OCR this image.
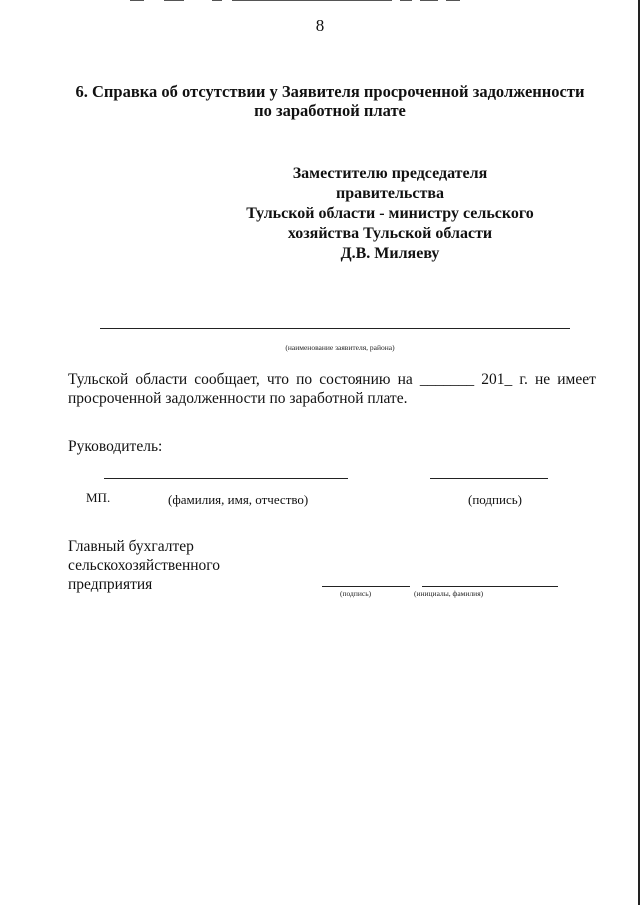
8
6. Справка об отсутствии у Заявителя просроченной задолженности
по заработной плате
Заместителю председателя правительства
Тульской области - министру сельского
хозяйства Тульской области
Д.В. Миляеву
(наименование заявителя, района)
Тульской области сообщает, что по состоянию на _______ 201_ г. не имеет
просроченной задолженности по заработной плате.
Руководитель:
МП.	(фамилия, имя, отчество)	(подпись)
Главный бухгалтер
сельскохозяйственного
предприятия
(подпись)	(инициалы, фамилия)
